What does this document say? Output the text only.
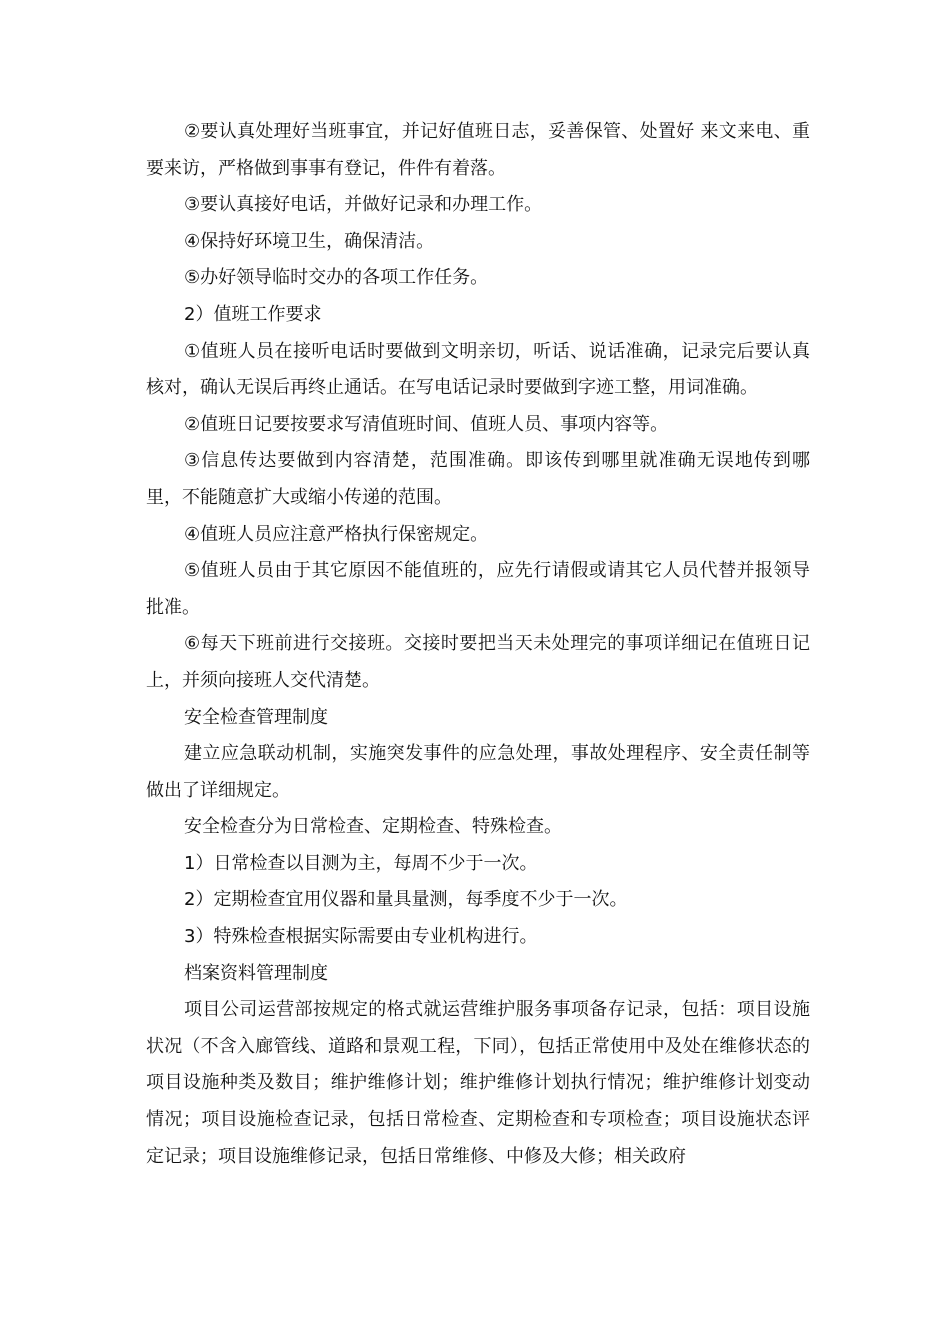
②要认真处理好当班事宜，并记好值班日志，妥善保管、处置好 来文来电、重要来访，严格做到事事有登记，件件有着落。

③要认真接好电话，并做好记录和办理工作。

④保持好环境卫生，确保清洁。

⑤办好领导临时交办的各项工作任务。

2）值班工作要求

①值班人员在接听电话时要做到文明亲切，听话、说话准确，记录完后要认真核对，确认无误后再终止通话。在写电话记录时要做到字迹工整，用词准确。

②值班日记要按要求写清值班时间、值班人员、事项内容等。

③信息传达要做到内容清楚，范围准确。即该传到哪里就准确无误地传到哪里，不能随意扩大或缩小传递的范围。

④值班人员应注意严格执行保密规定。

⑤值班人员由于其它原因不能值班的，应先行请假或请其它人员代替并报领导批准。

⑥每天下班前进行交接班。交接时要把当天未处理完的事项详细记在值班日记上，并须向接班人交代清楚。

安全检查管理制度

建立应急联动机制，实施突发事件的应急处理，事故处理程序、安全责任制等做出了详细规定。

安全检查分为日常检查、定期检查、特殊检查。

1）日常检查以目测为主，每周不少于一次。

2）定期检查宜用仪器和量具量测，每季度不少于一次。

3）特殊检查根据实际需要由专业机构进行。

档案资料管理制度

项目公司运营部按规定的格式就运营维护服务事项备存记录，包括：项目设施状况（不含入廊管线、道路和景观工程，下同），包括正常使用中及处在维修状态的项目设施种类及数目；维护维修计划；维护维修计划执行情况；维护维修计划变动情况；项目设施检查记录，包括日常检查、定期检查和专项检查；项目设施状态评定记录；项目设施维修记录，包括日常维修、中修及大修；相关政府
